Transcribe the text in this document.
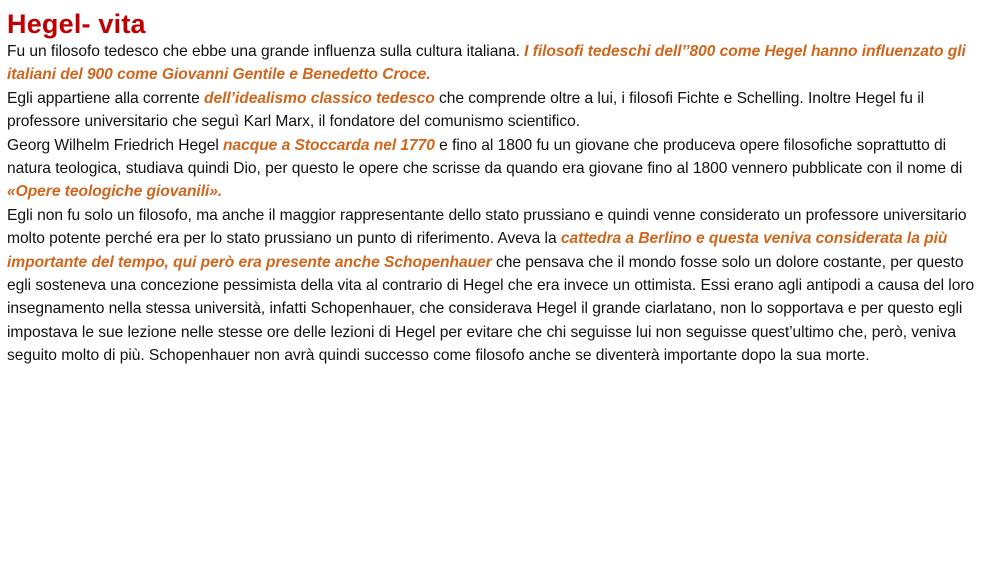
Hegel- vita

Fu un filosofo tedesco che ebbe una grande influenza sulla cultura italiana. I filosofi tedeschi dell’’800 come Hegel hanno influenzato gli italiani del 900 come Giovanni Gentile e Benedetto Croce.

Egli appartiene alla corrente dell’idealismo classico tedesco che comprende oltre a lui, i filosofi Fichte e Schelling. Inoltre Hegel fu il professore universitario che seguì Karl Marx, il fondatore del comunismo scientifico.

Georg Wilhelm Friedrich Hegel nacque a Stoccarda nel 1770 e fino al 1800 fu un giovane che produceva opere filosofiche soprattutto di natura teologica, studiava quindi Dio, per questo le opere che scrisse da quando era giovane fino al 1800 vennero pubblicate con il nome di «Opere teologiche giovanili».

Egli non fu solo un filosofo, ma anche il maggior rappresentante dello stato prussiano e quindi venne considerato un professore universitario molto potente perché era per lo stato prussiano un punto di riferimento. Aveva la cattedra a Berlino e questa veniva considerata la più importante del tempo, qui però era presente anche Schopenhauer che pensava che il mondo fosse solo un dolore costante, per questo egli sosteneva una concezione pessimista della vita al contrario di Hegel che era invece un ottimista. Essi erano agli antipodi a causa del loro insegnamento nella stessa università, infatti Schopenhauer, che considerava Hegel il grande ciarlatano, non lo sopportava e per questo egli impostava le sue lezione nelle stesse ore delle lezioni di Hegel per evitare che chi seguisse lui non seguisse quest’ultimo che, però, veniva seguito molto di più. Schopenhauer non avrà quindi successo come filosofo anche se diventerà importante dopo la sua morte.
